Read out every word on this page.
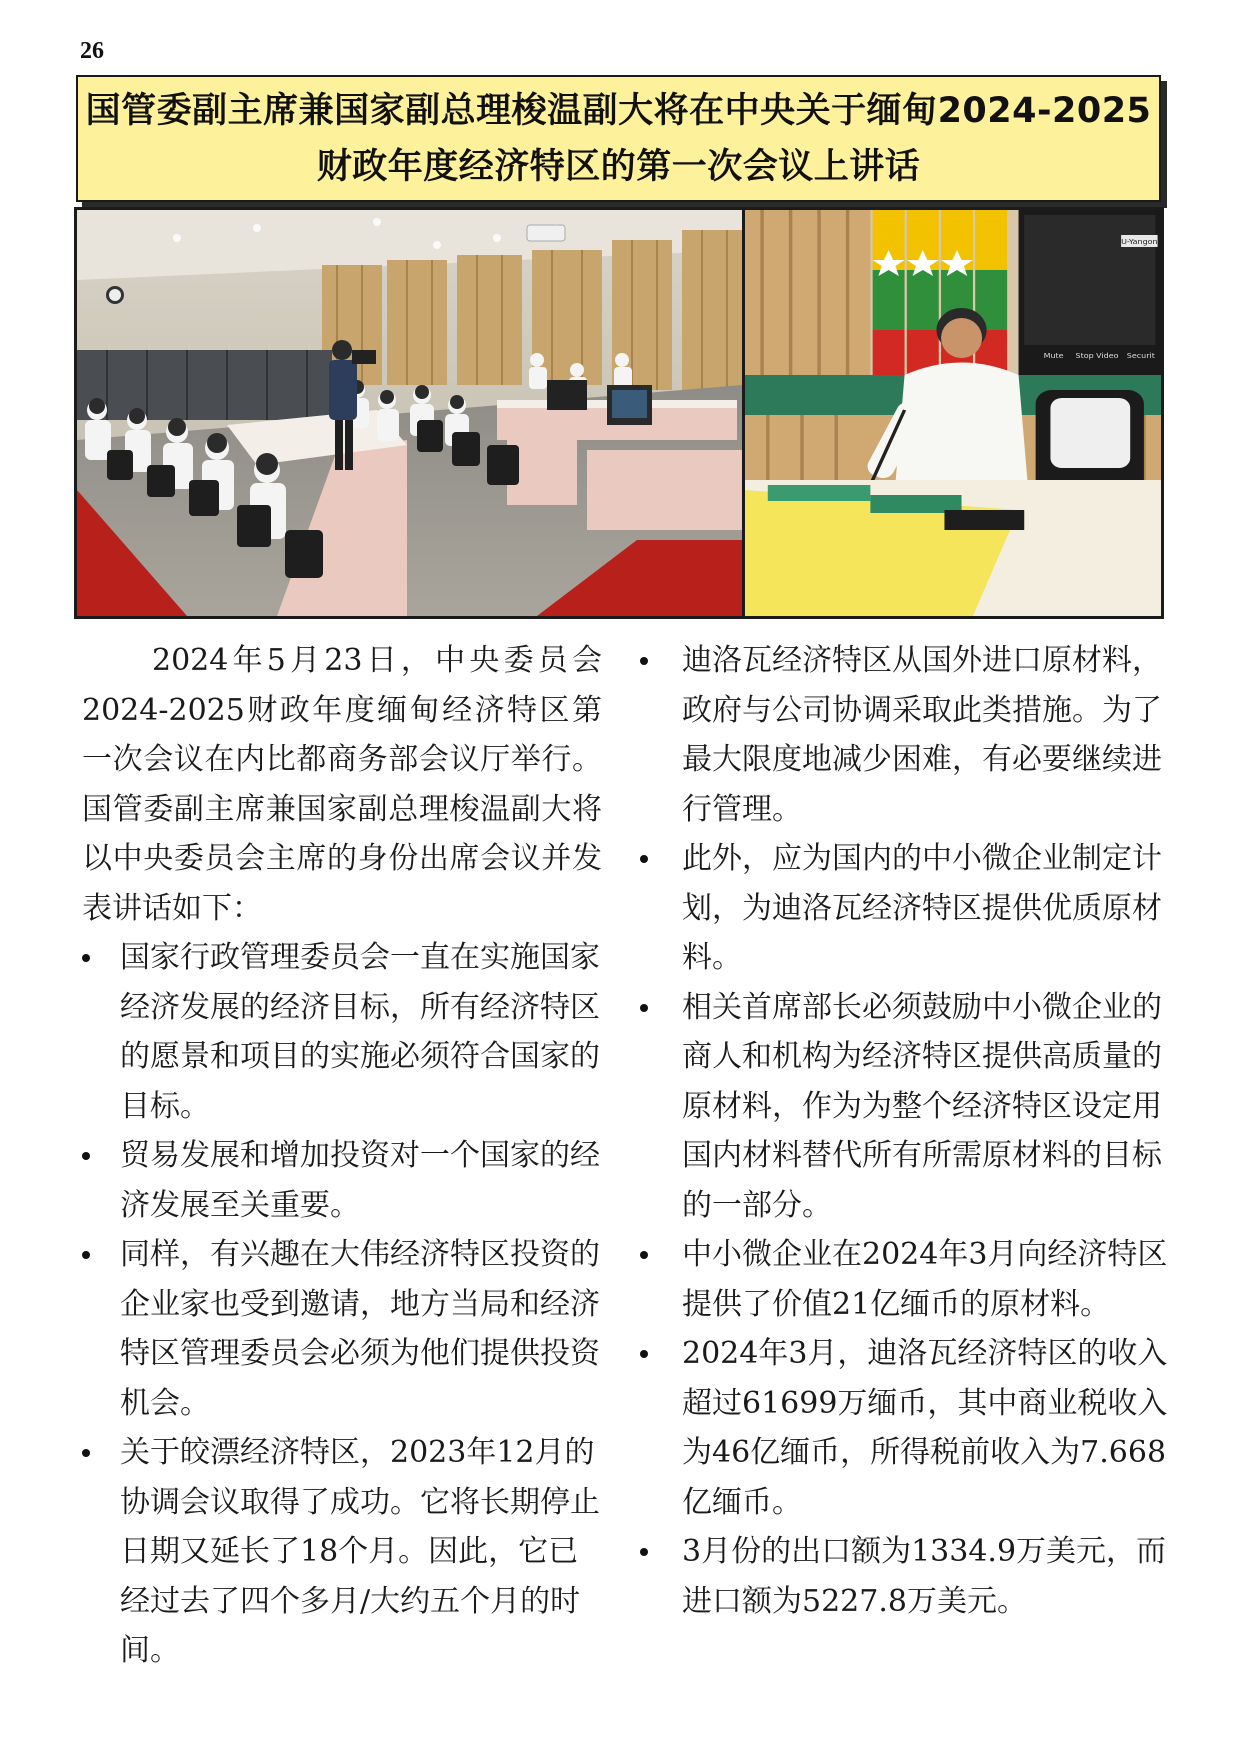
26
国管委副主席兼国家副总理梭温副大将在中央关于缅甸2024-2025
财政年度经济特区的第一次会议上讲话
U-Yangon
Mute Stop Video Securit

2024年5月23日，中央委员会2024-2025财政年度缅甸经济特区第一次会议在内比都商务部会议厅举行。国管委副主席兼国家副总理梭温副大将以中央委员会主席的身份出席会议并发表讲话如下：

国家行政管理委员会一直在实施国家经济发展的经济目标，所有经济特区的愿景和项目的实施必须符合国家的目标。
贸易发展和增加投资对一个国家的经济发展至关重要。
同样，有兴趣在大伟经济特区投资的企业家也受到邀请，地方当局和经济特区管理委员会必须为他们提供投资机会。
关于皎漂经济特区，2023年12月的协调会议取得了成功。它将长期停止日期又延长了18个月。因此，它已经过去了四个多月/大约五个月的时间。
迪洛瓦经济特区从国外进口原材料，政府与公司协调采取此类措施。为了最大限度地减少困难，有必要继续进行管理。
此外，应为国内的中小微企业制定计划，为迪洛瓦经济特区提供优质原材料。
相关首席部长必须鼓励中小微企业的商人和机构为经济特区提供高质量的原材料，作为为整个经济特区设定用国内材料替代所有所需原材料的目标的一部分。
中小微企业在2024年3月向经济特区提供了价值21亿缅币的原材料。
2024年3月，迪洛瓦经济特区的收入超过61699万缅币，其中商业税收入为46亿缅币，所得税前收入为7.668亿缅币。
3月份的出口额为1334.9万美元，而进口额为5227.8万美元。
